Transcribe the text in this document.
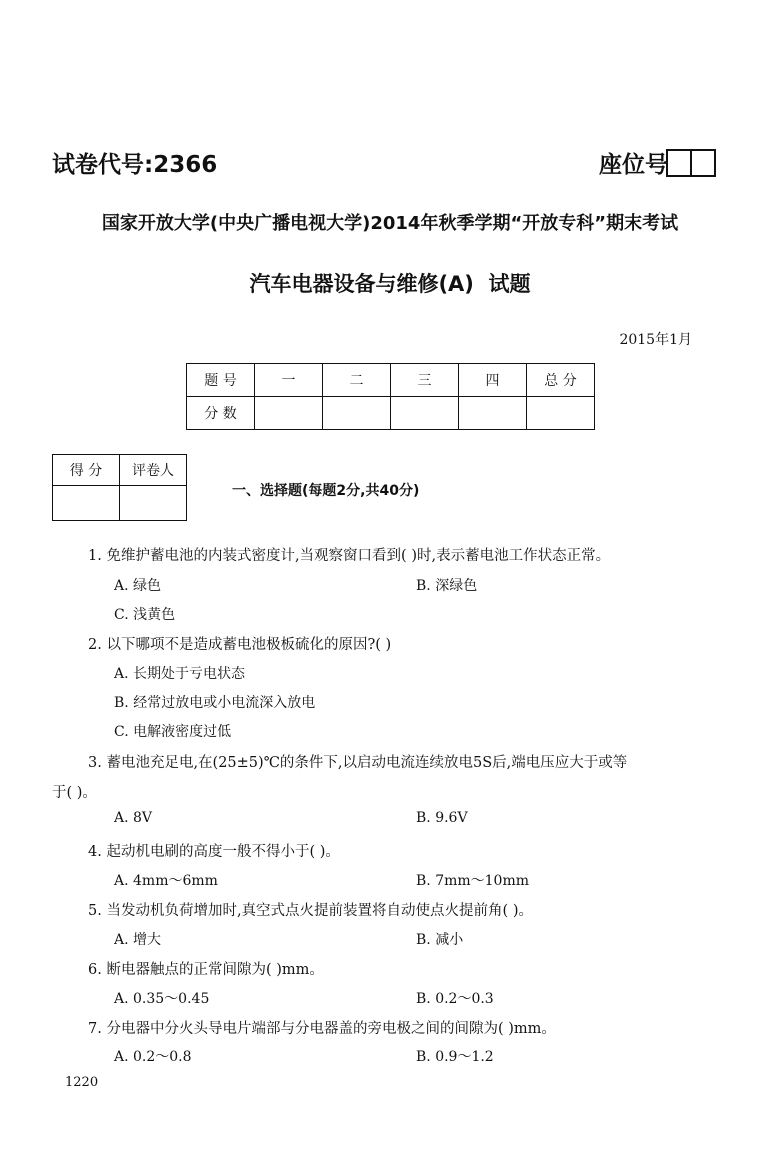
试卷代号:2366	座位号
国家开放大学(中央广播电视大学)2014年秋季学期“开放专科”期末考试
汽车电器设备与维修(A)  试题
2015年1月
题 号	一	二	三	四	总 分
分 数					
得 分	评卷人

一、选择题(每题2分,共40分)
1. 免维护蓄电池的内装式密度计,当观察窗口看到( )时,表示蓄电池工作状态正常。
A. 绿色	B. 深绿色
C. 浅黄色
2. 以下哪项不是造成蓄电池极板硫化的原因?( )
A. 长期处于亏电状态
B. 经常过放电或小电流深入放电
C. 电解液密度过低
3. 蓄电池充足电,在(25±5)℃的条件下,以启动电流连续放电5S后,端电压应大于或等
于( )。
A. 8V	B. 9.6V
4. 起动机电刷的高度一般不得小于( )。
A. 4mm～6mm	B. 7mm～10mm
5. 当发动机负荷增加时,真空式点火提前装置将自动使点火提前角( )。
A. 增大	B. 减小
6. 断电器触点的正常间隙为( )mm。
A. 0.35～0.45	B. 0.2～0.3
7. 分电器中分火头导电片端部与分电器盖的旁电极之间的间隙为( )mm。
A. 0.2～0.8	B. 0.9～1.2
1220
